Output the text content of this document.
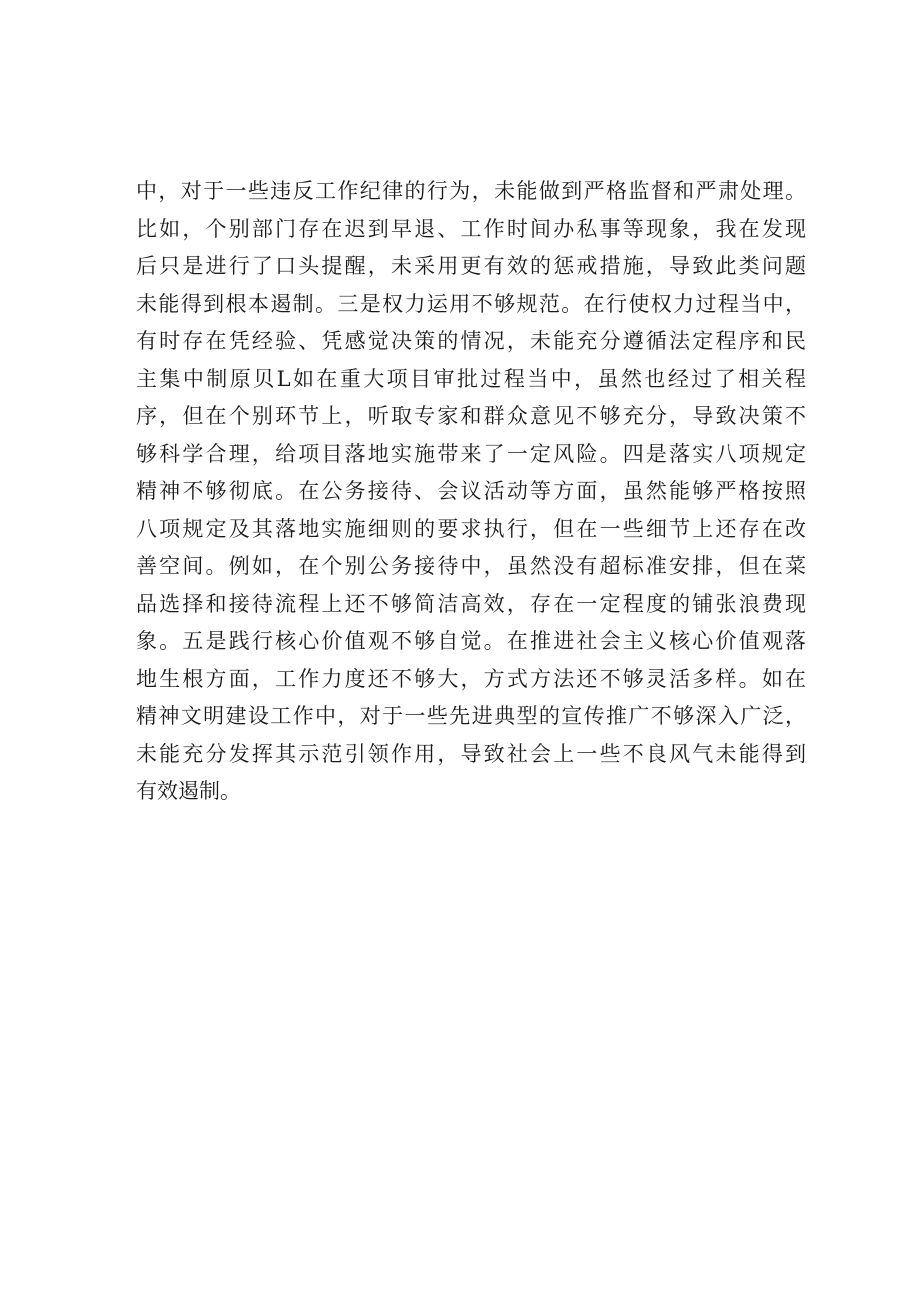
中，对于一些违反工作纪律的行为，未能做到严格监督和严肃处理。
比如，个别部门存在迟到早退、工作时间办私事等现象，我在发现
后只是进行了口头提醒，未采用更有效的惩戒措施，导致此类问题
未能得到根本遏制。三是权力运用不够规范。在行使权力过程当中，
有时存在凭经验、凭感觉决策的情况，未能充分遵循法定程序和民
主集中制原贝L如在重大项目审批过程当中，虽然也经过了相关程
序，但在个别环节上，听取专家和群众意见不够充分，导致决策不
够科学合理，给项目落地实施带来了一定风险。四是落实八项规定
精神不够彻底。在公务接待、会议活动等方面，虽然能够严格按照
八项规定及其落地实施细则的要求执行，但在一些细节上还存在改
善空间。例如，在个别公务接待中，虽然没有超标准安排，但在菜
品选择和接待流程上还不够简洁高效，存在一定程度的铺张浪费现
象。五是践行核心价值观不够自觉。在推进社会主义核心价值观落
地生根方面，工作力度还不够大，方式方法还不够灵活多样。如在
精神文明建设工作中，对于一些先进典型的宣传推广不够深入广泛，
未能充分发挥其示范引领作用，导致社会上一些不良风气未能得到
有效遏制。
